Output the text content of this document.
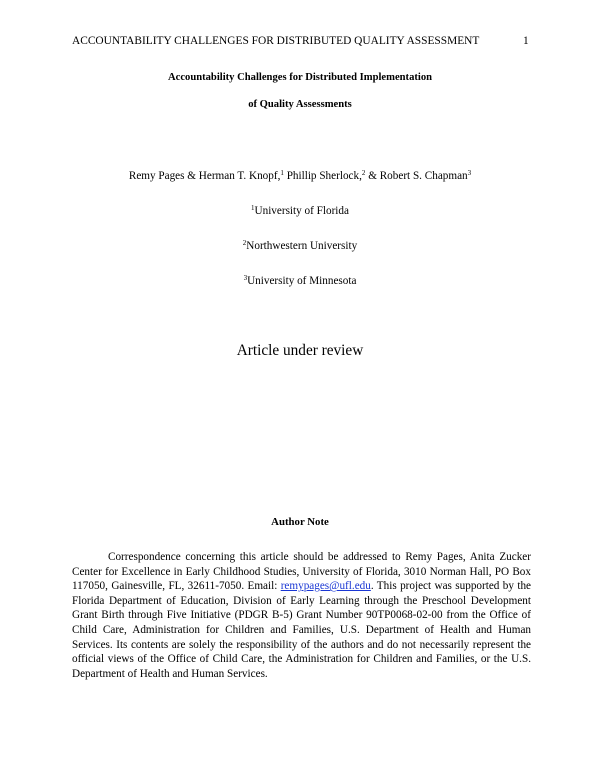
ACCOUNTABILITY CHALLENGES FOR DISTRIBUTED QUALITY ASSESSMENT	1
Accountability Challenges for Distributed Implementation
of Quality Assessments
Remy Pages & Herman T. Knopf,$^1$ Phillip Sherlock,$^2$ & Robert S. Chapman$^3$
$^1$University of Florida
$^2$Northwestern University
$^3$University of Minnesota
Article under review
Author Note
Correspondence concerning this article should be addressed to Remy Pages, Anita Zucker Center for Excellence in Early Childhood Studies, University of Florida, 3010 Norman Hall, PO Box 117050, Gainesville, FL, 32611-7050. Email: remypages@ufl.edu. This project was supported by the Florida Department of Education, Division of Early Learning through the Preschool Development Grant Birth through Five Initiative (PDGR B-5) Grant Number 90TP0068-02-00 from the Office of Child Care, Administration for Children and Families, U.S. Department of Health and Human Services. Its contents are solely the responsibility of the authors and do not necessarily represent the official views of the Office of Child Care, the Administration for Children and Families, or the U.S. Department of Health and Human Services.
